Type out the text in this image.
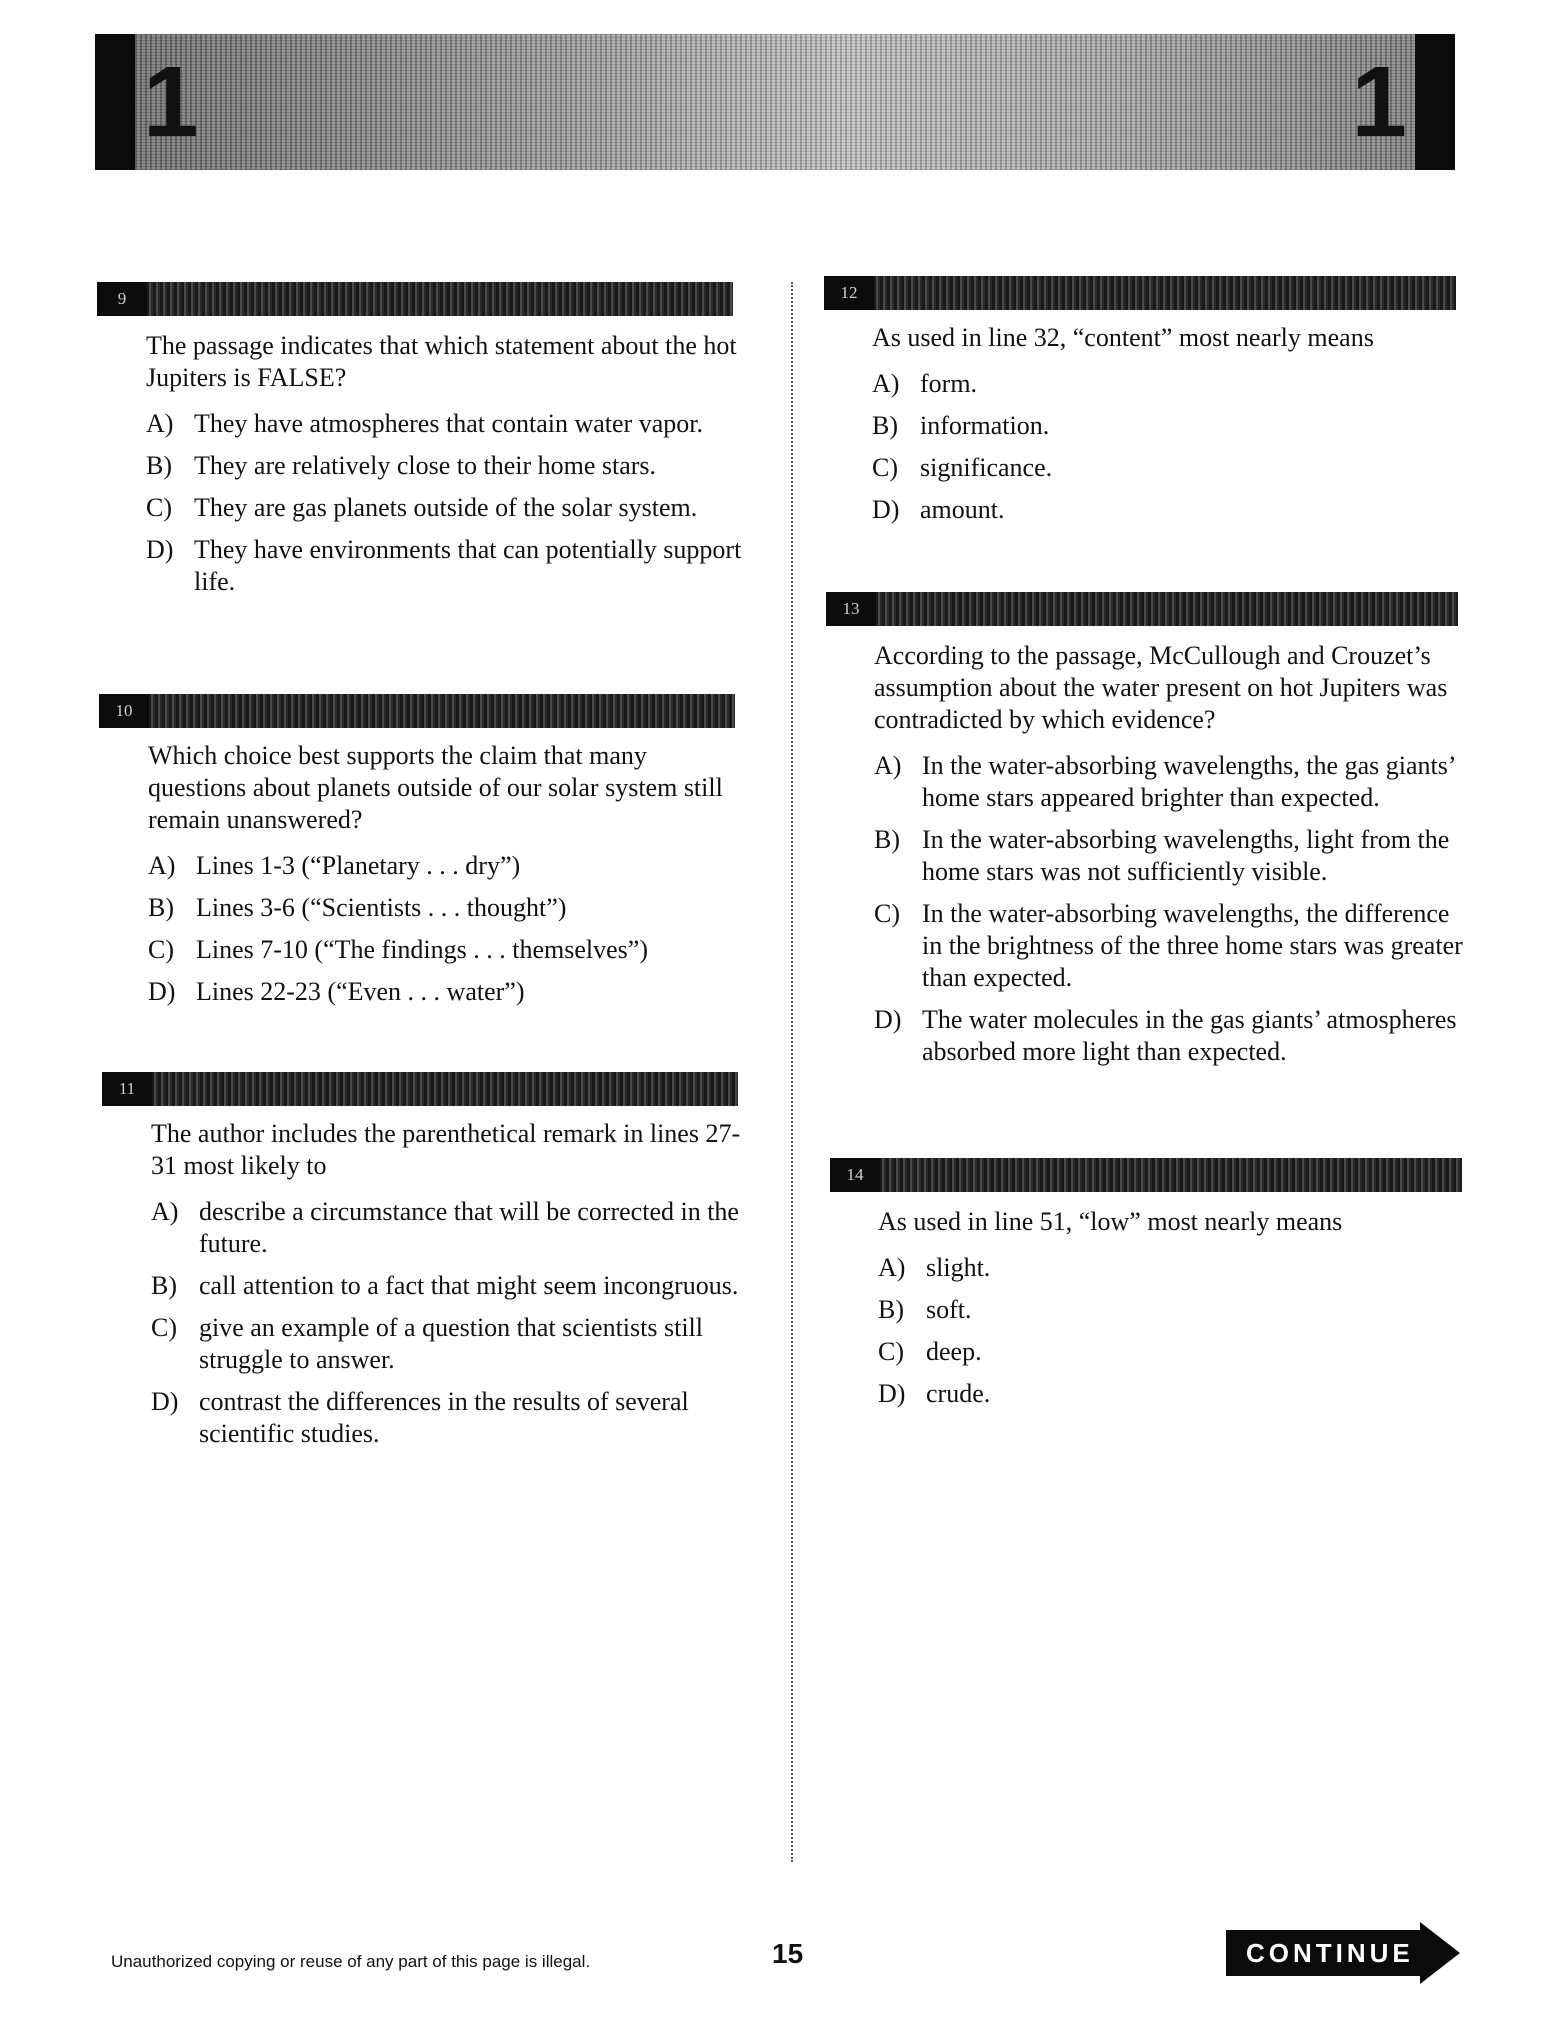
1	1
9

The passage indicates that which statement about the hot Jupiters is FALSE?

A) They have atmospheres that contain water vapor.
B) They are relatively close to their home stars.
C) They are gas planets outside of the solar system.
D) They have environments that can potentially support life.
10

Which choice best supports the claim that many questions about planets outside of our solar system still remain unanswered?

A) Lines 1-3 (“Planetary . . . dry”)
B) Lines 3-6 (“Scientists . . . thought”)
C) Lines 7-10 (“The findings . . . themselves”)
D) Lines 22-23 (“Even . . . water”)
11

The author includes the parenthetical remark in lines 27-31 most likely to

A) describe a circumstance that will be corrected in the future.
B) call attention to a fact that might seem incongruous.
C) give an example of a question that scientists still struggle to answer.
D) contrast the differences in the results of several scientific studies.
12

As used in line 32, “content” most nearly means

A) form.
B) information.
C) significance.
D) amount.
13

According to the passage, McCullough and Crouzet’s assumption about the water present on hot Jupiters was contradicted by which evidence?

A) In the water-absorbing wavelengths, the gas giants’ home stars appeared brighter than expected.
B) In the water-absorbing wavelengths, light from the home stars was not sufficiently visible.
C) In the water-absorbing wavelengths, the difference in the brightness of the three home stars was greater than expected.
D) The water molecules in the gas giants’ atmospheres absorbed more light than expected.
14

As used in line 51, “low” most nearly means

A) slight.
B) soft.
C) deep.
D) crude.
Unauthorized copying or reuse of any part of this page is illegal.	15	CONTINUE
